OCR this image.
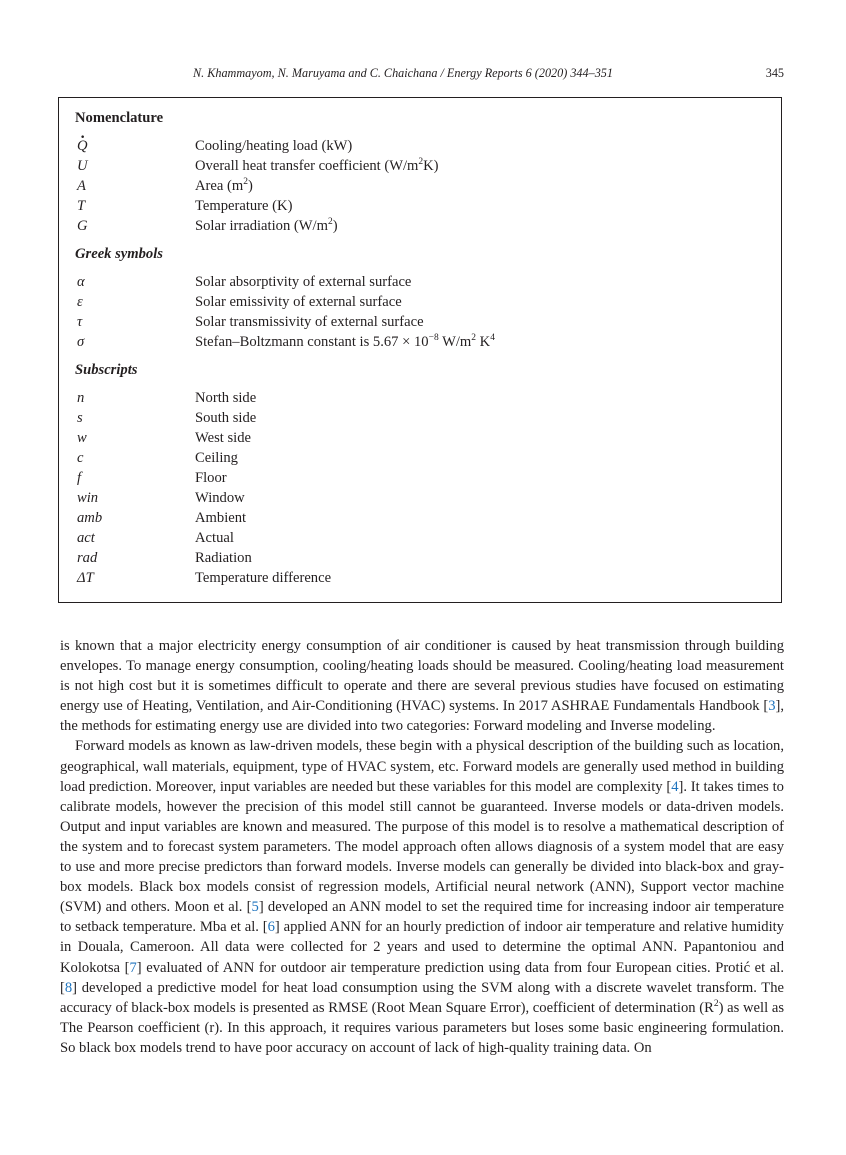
N. Khammayom, N. Maruyama and C. Chaichana / Energy Reports 6 (2020) 344–351	345
Nomenclature
· Q	Cooling/heating load (kW)
U	Overall heat transfer coefficient $(W/m^2K)$
A	Area $(m^2)$
T	Temperature (K)
G	Solar irradiation $(W/m^2)$
Greek symbols
α	Solar absorptivity of external surface
ε	Solar emissivity of external surface
τ	Solar transmissivity of external surface
σ	Stefan–Boltzmann constant is $5.67 \times 10^{-8}$ $W/m^2$ $K^4$
Subscripts
n	North side
s	South side
w	West side
c	Ceiling
f	Floor
win	Window
amb	Ambient
act	Actual
rad	Radiation
ΔT	Temperature difference

is known that a major electricity energy consumption of air conditioner is caused by heat transmission through building envelopes. To manage energy consumption, cooling/heating loads should be measured. Cooling/heating load measurement is not high cost but it is sometimes difficult to operate and there are several previous studies have focused on estimating energy use of Heating, Ventilation, and Air-Conditioning (HVAC) systems. In 2017 ASHRAE Fundamentals Handbook [3], the methods for estimating energy use are divided into two categories: Forward modeling and Inverse modeling.

Forward models as known as law-driven models, these begin with a physical description of the building such as location, geographical, wall materials, equipment, type of HVAC system, etc. Forward models are generally used method in building load prediction. Moreover, input variables are needed but these variables for this model are complexity [4]. It takes times to calibrate models, however the precision of this model still cannot be guaranteed. Inverse models or data-driven models. Output and input variables are known and measured. The purpose of this model is to resolve a mathematical description of the system and to forecast system parameters. The model approach often allows diagnosis of a system model that are easy to use and more precise predictors than forward models. Inverse models can generally be divided into black-box and gray-box models. Black box models consist of regression models, Artificial neural network (ANN), Support vector machine (SVM) and others. Moon et al. [5] developed an ANN model to set the required time for increasing indoor air temperature to setback temperature. Mba et al. [6] applied ANN for an hourly prediction of indoor air temperature and relative humidity in Douala, Cameroon. All data were collected for 2 years and used to determine the optimal ANN. Papantoniou and Kolokotsa [7] evaluated of ANN for outdoor air temperature prediction using data from four European cities. Protić et al. [8] developed a predictive model for heat load consumption using the SVM along with a discrete wavelet transform. The accuracy of black-box models is presented as RMSE (Root Mean Square Error), coefficient of determination $(R^2)$ as well as The Pearson coefficient (r). In this approach, it requires various parameters but loses some basic engineering formulation. So black box models trend to have poor accuracy on account of lack of high-quality training data. On
